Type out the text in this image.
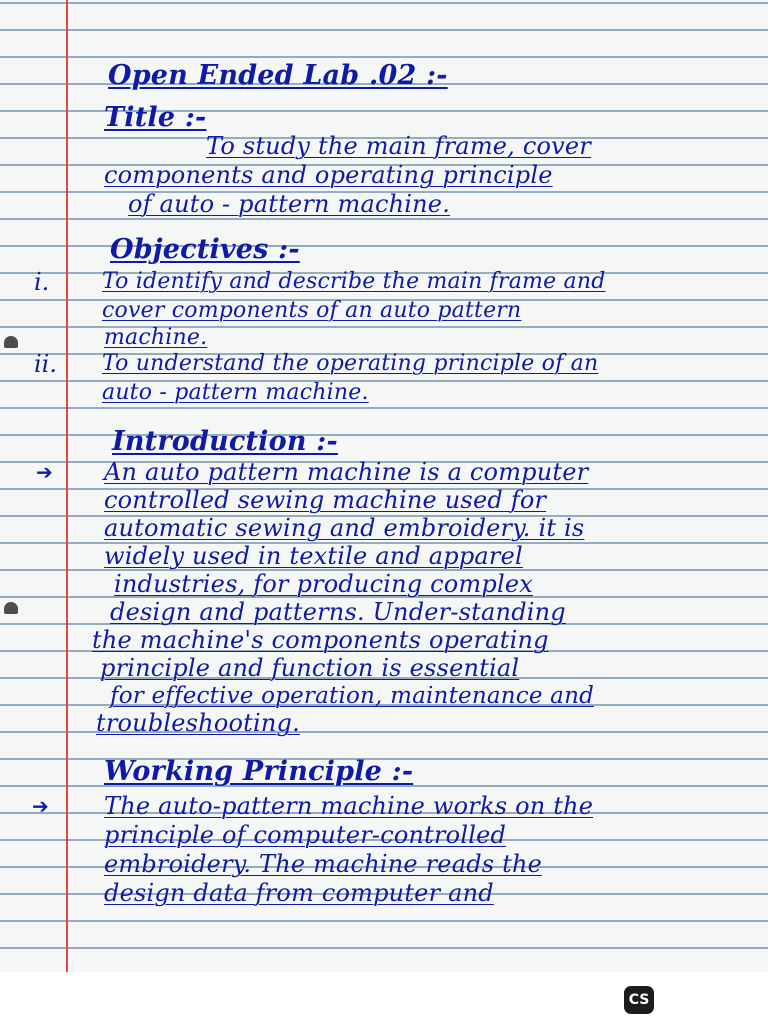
Open Ended Lab .02 :-
Title :-
To study the main frame, cover
components and operating principle
of auto - pattern machine.
Objectives :-
i. To identify and describe the main frame and
cover components of an auto pattern
machine.
ii. To understand the operating principle of an
auto - pattern machine.
Introduction :-
➔ An auto pattern machine is a computer
controlled sewing machine used for
automatic sewing and embroidery. it is
widely used in textile and apparel
industries, for producing complex
design and patterns. Under-standing
the machine's components operating
principle and function is essential
for effective operation, maintenance and
troubleshooting.
Working Principle :-
➔ The auto-pattern machine works on the
principle of computer-controlled
embroidery. The machine reads the
design data from computer and
CS
